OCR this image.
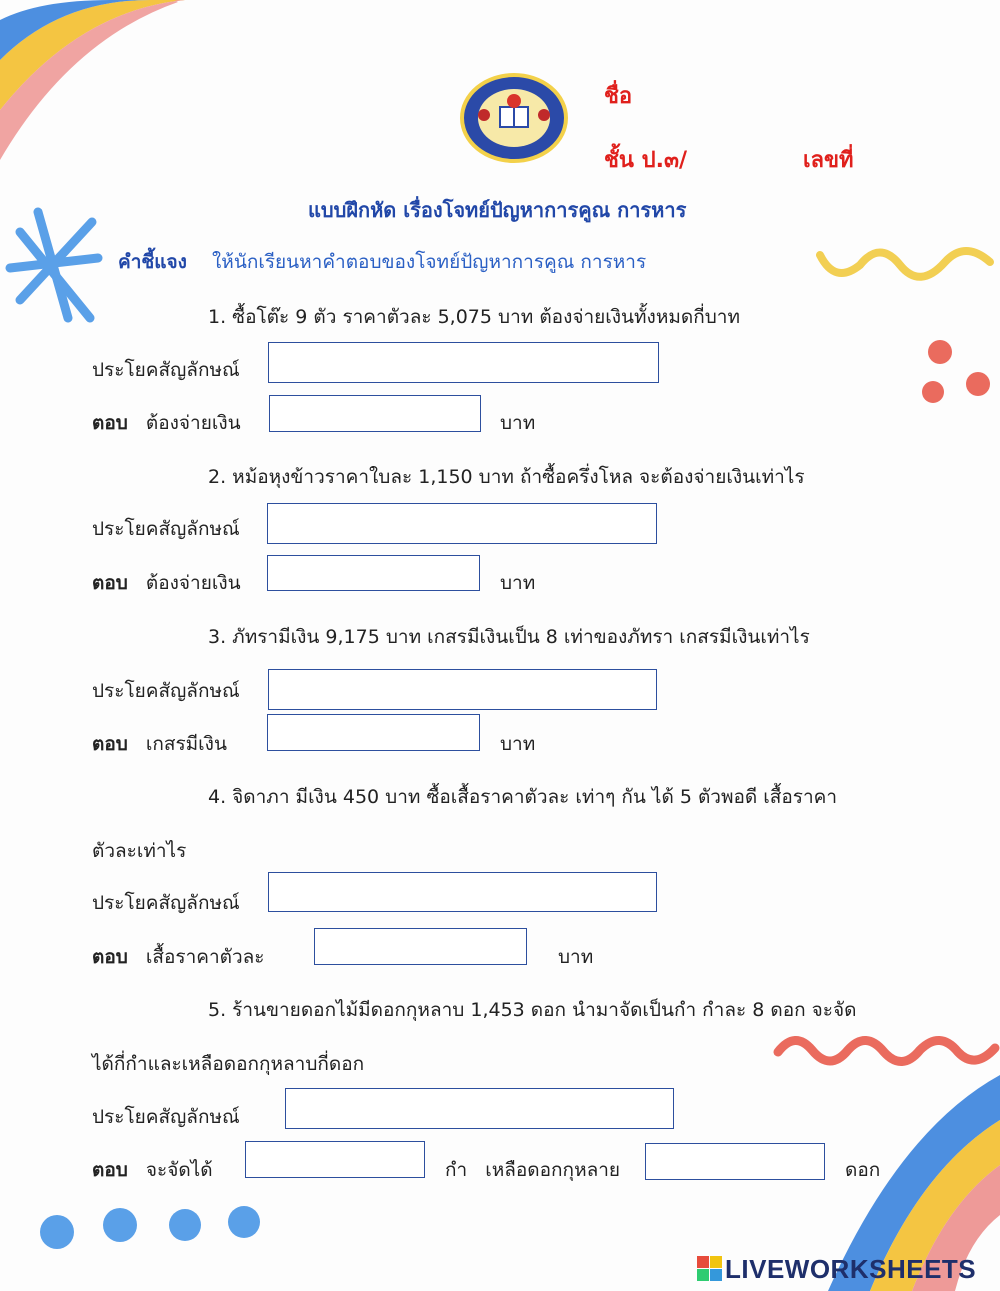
ชื่อ
ชั้น ป.๓/	เลขที่
แบบฝึกหัด เรื่องโจทย์ปัญหาการคูณ การหาร
คำชี้แจง ให้นักเรียนหาคำตอบของโจทย์ปัญหาการคูณ การหาร
1. ซื้อโต๊ะ 9 ตัว ราคาตัวละ 5,075 บาท ต้องจ่ายเงินทั้งหมดกี่บาท
ประโยคสัญลักษณ์
ตอบ ต้องจ่ายเงิน	บาท
2. หม้อหุงข้าวราคาใบละ 1,150 บาท ถ้าซื้อครึ่งโหล จะต้องจ่ายเงินเท่าไร
ประโยคสัญลักษณ์
ตอบ ต้องจ่ายเงิน	บาท
3. ภัทรามีเงิน 9,175 บาท เกสรมีเงินเป็น 8 เท่าของภัทรา เกสรมีเงินเท่าไร
ประโยคสัญลักษณ์
ตอบ เกสรมีเงิน	บาท
4. จิดาภา มีเงิน 450 บาท ซื้อเสื้อราคาตัวละ เท่าๆ กัน ได้ 5 ตัวพอดี เสื้อราคา
ตัวละเท่าไร
ประโยคสัญลักษณ์
ตอบ เสื้อราคาตัวละ	บาท
5. ร้านขายดอกไม้มีดอกกุหลาบ 1,453 ดอก นำมาจัดเป็นกำ กำละ 8 ดอก จะจัด
ได้กี่กำและเหลือดอกกุหลาบกี่ดอก
ประโยคสัญลักษณ์
ตอบ จะจัดได้	กำ เหลือดอกกุหลาย	ดอก
LIVEWORKSHEETS
